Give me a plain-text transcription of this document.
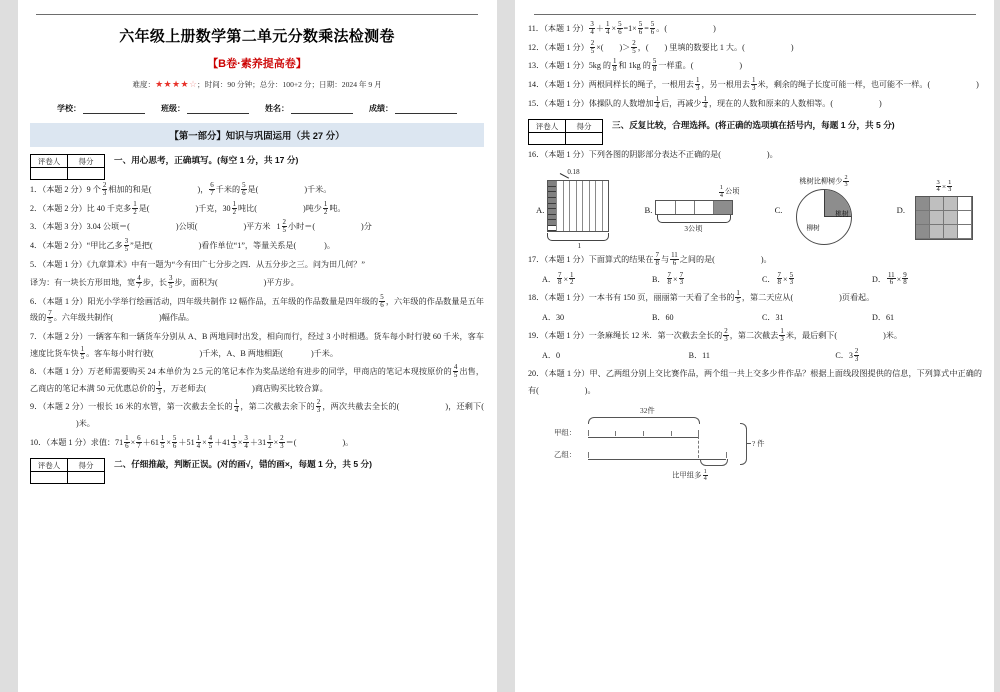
六年级上册数学第二单元分数乘法检测卷
【B卷·素养提高卷】
难度：★★★★☆；时间：90 分钟；总分：100+2 分；日期：2024 年 9 月
学校：	班级：	姓名：	成绩：
【第一部分】知识与巩固运用（共 27 分）
评卷人	得分
	一、用心思考，正确填写。(每空 1 分，共 17 分)
1．（本题 2 分）9 个 $\frac{2}{3}$ 相加的和是(	)， $\frac{6}{7}$ 千米的 $\frac{5}{6}$ 是(	)千米。
2．（本题 2 分）比 40 千克多 $\frac{1}{2}$ 是(	)千克，$30 \frac{1}{2}$ 吨比(	)吨少 $\frac{1}{2}$ 吨。
3．（本题 3 分）3.04 公顷＝(	)公顷(	)平方米 $1 \frac{2}{5}$ 小时＝(	)分
4．（本题 2 分）“甲比乙多 $\frac{3}{5}$ ”是把(	)看作单位“1”，等量关系是(	)。
5．（本题 1 分）《九章算术》中有一题为“今有田广七分步之四．从五分步之三。问为田几何？”
译为：有一块长方形田地，宽 $\frac{4}{7}$ 步，长 $\frac{3}{5}$ 步，面积为(	)平方步。
6．（本题 1 分）阳光小学举行绘画活动，四年级共制作 12 幅作品，五年级的作品数量是四年级的 $\frac{5}{6}$ ，六年级的作品数量是五年级的 $\frac{7}{5}$ 。六年级共制作(	)幅作品。
7．（本题 2 分）一辆客车和一辆货车分别从 A、B 两地同时出发，相向而行，经过 3 小时相遇。货车每小时行驶 60 千米，客车速度比货车快 $\frac{1}{5}$ 。客车每小时行驶(	)千米，A、B 两地相距(	)千米。
8．（本题 1 分）万老师需要购买 24 本单价为 2.5 元的笔记本作为奖品送给有进步的同学，甲商店的笔记本现按原价的 $\frac{4}{5}$ 出售，乙商店的笔记本满 50 元优惠总价的 $\frac{1}{3}$ ，万老师去(	)商店购买比较合算。
9．（本题 2 分）一根长 16 米的水管，第一次截去全长的 $\frac{1}{4}$ ，第二次截去余下的 $\frac{2}{3}$ ，两次共截去全长的(	)，还剩下()米。
10．（本题 1 分）求值：$71 \frac{1}{6} \times \frac{6}{7} +61 \frac{1}{5} \times \frac{5}{6} +51 \frac{1}{4} \times \frac{4}{5} +41 \frac{1}{3} \times \frac{3}{4} +31 \frac{1}{2} \times \frac{2}{3}$ ＝(	)。
评卷人	得分
	二、仔细推敲，判断正误。(对的画√，错的画×，每题 1 分，共 5 分)
11．（本题 1 分） $\frac{3}{4} + \frac{1}{4} \times \frac{5}{6} =1\times \frac{5}{6} = \frac{5}{6}$ 。(	)
12．（本题 1 分） $\frac{2}{5}$ ×( )＞ $\frac{2}{5}$ ，( ) 里填的数要比 1 大。(	)
13．（本题 1 分）5kg 的 $\frac{1}{8}$ 和 1kg 的 $\frac{5}{8}$ 一样重。(	)
14．（本题 1 分）两根同样长的绳子，一根用去 $\frac{1}{3}$ ，另一根用去 $\frac{1}{3}$ 米，剩余的绳子长度可能一样，也可能不一样。(	)
15．（本题 1 分）体操队的人数增加 $\frac{1}{4}$ 后，再减少 $\frac{1}{4}$ ，现在的人数和原来的人数相等。(	)
评卷人	得分
	三、反复比较，合理选择。(将正确的选项填在括号内，每题 1 分，共 5 分)
16．（本题 1 分）下列各图的阴影部分表达不正确的是(	)。
A.
0.18
1
B.
$\frac{1}{4}$ 公顷
3公顷
C.
桃树比柳树少 $\frac{2}{3}$
桃树
柳树
D.
$\frac{3}{4} \times \frac{1}{3}$
17．（本题 1 分）下面算式的结果在 $\frac{7}{8}$ 与 $\frac{11}{6}$ 之间的是(	)。
A． $\frac{7}{8} \times \frac{1}{2}$	B． $\frac{7}{8} \times \frac{7}{3}$	C． $\frac{7}{8} \times \frac{5}{3}$	D． $\frac{11}{6} \times \frac{9}{8}$
18．（本题 1 分）一本书有 150 页，丽丽第一天看了全书的 $\frac{1}{5}$ ，第二天应从(	)页看起。
A．30	B．60	C．31	D．61
19．（本题 1 分）一条麻绳长 12 米．第一次截去全长的 $\frac{2}{3}$ ，第二次截去 $\frac{1}{3}$ 米，最后剩下(	)米。
A．0	B．11	C．$3 \frac{2}{3}$
20．（本题 1 分）甲、乙两组分别上交比赛作品，两个组一共上交多少件作品？根据上面线段图提供的信息，下列算式中正确的有(	)。
32件
甲组：
乙组：
比甲组多 $\frac{1}{4}$
? 件
